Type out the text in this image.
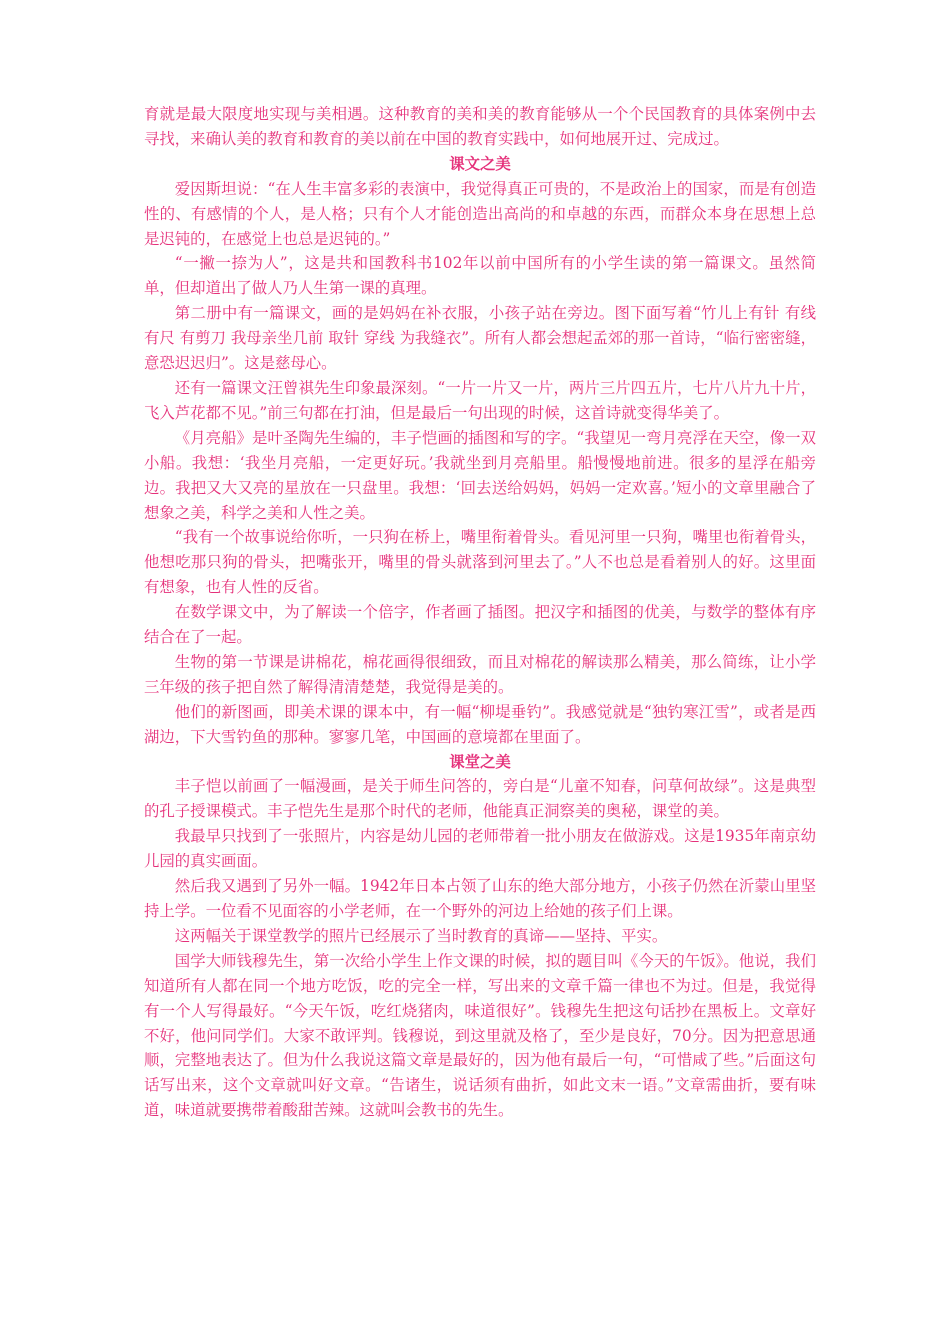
育就是最大限度地实现与美相遇。这种教育的美和美的教育能够从一个个民国教育的具体案例中去寻找，来确认美的教育和教育的美以前在中国的教育实践中，如何地展开过、完成过。

课文之美

爱因斯坦说：“在人生丰富多彩的表演中，我觉得真正可贵的，不是政治上的国家，而是有创造性的、有感情的个人，是人格；只有个人才能创造出高尚的和卓越的东西，而群众本身在思想上总是迟钝的，在感觉上也总是迟钝的。”

“一撇一捺为人”，这是共和国教科书102年以前中国所有的小学生读的第一篇课文。虽然简单，但却道出了做人乃人生第一课的真理。

第二册中有一篇课文，画的是妈妈在补衣服，小孩子站在旁边。图下面写着“竹儿上有针 有线 有尺 有剪刀 我母亲坐几前 取针 穿线 为我缝衣”。所有人都会想起孟郊的那一首诗，“临行密密缝，意恐迟迟归”。这是慈母心。

还有一篇课文汪曾祺先生印象最深刻。“一片一片又一片，两片三片四五片，七片八片九十片，飞入芦花都不见。”前三句都在打油，但是最后一句出现的时候，这首诗就变得华美了。

《月亮船》是叶圣陶先生编的，丰子恺画的插图和写的字。“我望见一弯月亮浮在天空，像一双小船。我想：‘我坐月亮船，一定更好玩。’我就坐到月亮船里。船慢慢地前进。很多的星浮在船旁边。我把又大又亮的星放在一只盘里。我想：‘回去送给妈妈，妈妈一定欢喜。’短小的文章里融合了想象之美，科学之美和人性之美。

“我有一个故事说给你听，一只狗在桥上，嘴里衔着骨头。看见河里一只狗，嘴里也衔着骨头，他想吃那只狗的骨头，把嘴张开，嘴里的骨头就落到河里去了。”人不也总是看着别人的好。这里面有想象，也有人性的反省。

在数学课文中，为了解读一个倍字，作者画了插图。把汉字和插图的优美，与数学的整体有序结合在了一起。

生物的第一节课是讲棉花，棉花画得很细致，而且对棉花的解读那么精美，那么简练，让小学三年级的孩子把自然了解得清清楚楚，我觉得是美的。

他们的新图画，即美术课的课本中，有一幅“柳堤垂钓”。我感觉就是“独钓寒江雪”，或者是西湖边，下大雪钓鱼的那种。寥寥几笔，中国画的意境都在里面了。

课堂之美

丰子恺以前画了一幅漫画，是关于师生问答的，旁白是“儿童不知春，问草何故绿”。这是典型的孔子授课模式。丰子恺先生是那个时代的老师，他能真正洞察美的奥秘，课堂的美。

我最早只找到了一张照片，内容是幼儿园的老师带着一批小朋友在做游戏。这是1935年南京幼儿园的真实画面。

然后我又遇到了另外一幅。1942年日本占领了山东的绝大部分地方，小孩子仍然在沂蒙山里坚持上学。一位看不见面容的小学老师，在一个野外的河边上给她的孩子们上课。

这两幅关于课堂教学的照片已经展示了当时教育的真谛——坚持、平实。

国学大师钱穆先生，第一次给小学生上作文课的时候，拟的题目叫《今天的午饭》。他说，我们知道所有人都在同一个地方吃饭，吃的完全一样，写出来的文章千篇一律也不为过。但是，我觉得有一个人写得最好。“今天午饭，吃红烧猪肉，味道很好”。钱穆先生把这句话抄在黑板上。文章好不好，他问同学们。大家不敢评判。钱穆说，到这里就及格了，至少是良好，70分。因为把意思通顺，完整地表达了。但为什么我说这篇文章是最好的，因为他有最后一句，“可惜咸了些。”后面这句话写出来，这个文章就叫好文章。“告诸生，说话须有曲折，如此文末一语。”文章需曲折，要有味道，味道就要携带着酸甜苦辣。这就叫会教书的先生。
